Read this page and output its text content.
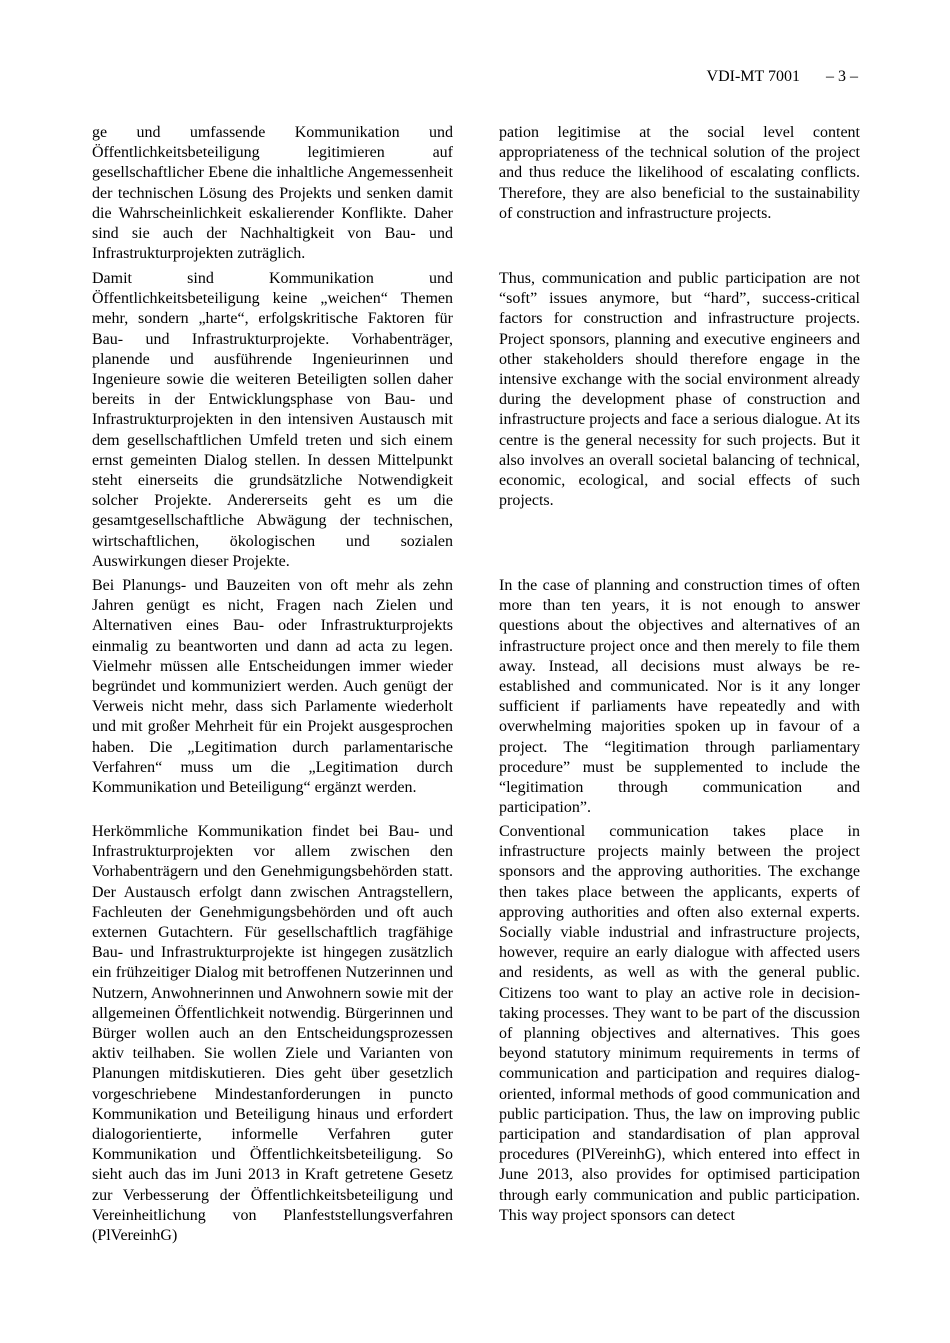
VDI-MT 7001 – 3 –

ge und umfassende Kommunikation und Öffentlichkeitsbeteiligung legitimieren auf gesellschaftlicher Ebene die inhaltliche Angemessenheit der technischen Lösung des Projekts und senken damit die Wahrscheinlichkeit eskalierender Konflikte. Daher sind sie auch der Nachhaltigkeit von Bau- und Infrastrukturprojekten zuträglich.

pation legitimise at the social level content appropriateness of the technical solution of the project and thus reduce the likelihood of escalating conflicts. Therefore, they are also beneficial to the sustainability of construction and infrastructure projects.

Damit sind Kommunikation und Öffentlichkeitsbeteiligung keine „weichen“ Themen mehr, sondern „harte“, erfolgskritische Faktoren für Bau- und Infrastrukturprojekte. Vorhabenträger, planende und ausführende Ingenieurinnen und Ingenieure sowie die weiteren Beteiligten sollen daher bereits in der Entwicklungsphase von Bau- und Infrastrukturprojekten in den intensiven Austausch mit dem gesellschaftlichen Umfeld treten und sich einem ernst gemeinten Dialog stellen. In dessen Mittelpunkt steht einerseits die grundsätzliche Notwendigkeit solcher Projekte. Andererseits geht es um die gesamtgesellschaftliche Abwägung der technischen, wirtschaftlichen, ökologischen und sozialen Auswirkungen dieser Projekte.

Thus, communication and public participation are not “soft” issues anymore, but “hard”, success-critical factors for construction and infrastructure projects. Project sponsors, planning and executive engineers and other stakeholders should therefore engage in the intensive exchange with the social environment already during the development phase of construction and infrastructure projects and face a serious dialogue. At its centre is the general necessity for such projects. But it also involves an overall societal balancing of technical, economic, ecological, and social effects of such projects.

Bei Planungs- und Bauzeiten von oft mehr als zehn Jahren genügt es nicht, Fragen nach Zielen und Alternativen eines Bau- oder Infrastrukturprojekts einmalig zu beantworten und dann ad acta zu legen. Vielmehr müssen alle Entscheidungen immer wieder begründet und kommuniziert werden. Auch genügt der Verweis nicht mehr, dass sich Parlamente wiederholt und mit großer Mehrheit für ein Projekt ausgesprochen haben. Die „Legitimation durch parlamentarische Verfahren“ muss um die „Legitimation durch Kommunikation und Beteiligung“ ergänzt werden.

In the case of planning and construction times of often more than ten years, it is not enough to answer questions about the objectives and alternatives of an infrastructure project once and then merely to file them away. Instead, all decisions must always be re-established and communicated. Nor is it any longer sufficient if parliaments have repeatedly and with overwhelming majorities spoken up in favour of a project. The “legitimation through parliamentary procedure” must be supplemented to include the “legitimation through communication and participation”.

Herkömmliche Kommunikation findet bei Bau- und Infrastrukturprojekten vor allem zwischen den Vorhabenträgern und den Genehmigungsbehörden statt. Der Austausch erfolgt dann zwischen Antragstellern, Fachleuten der Genehmigungsbehörden und oft auch externen Gutachtern. Für gesellschaftlich tragfähige Bau- und Infrastrukturprojekte ist hingegen zusätzlich ein frühzeitiger Dialog mit betroffenen Nutzerinnen und Nutzern, Anwohnerinnen und Anwohnern sowie mit der allgemeinen Öffentlichkeit notwendig. Bürgerinnen und Bürger wollen auch an den Entscheidungsprozessen aktiv teilhaben. Sie wollen Ziele und Varianten von Planungen mitdiskutieren. Dies geht über gesetzlich vorgeschriebene Mindestanforderungen in puncto Kommunikation und Beteiligung hinaus und erfordert dialogorientierte, informelle Verfahren guter Kommunikation und Öffentlichkeitsbeteiligung. So sieht auch das im Juni 2013 in Kraft getretene Gesetz zur Verbesserung der Öffentlichkeitsbeteiligung und Vereinheitlichung von Planfeststellungsverfahren (PlVereinhG)

Conventional communication takes place in infrastructure projects mainly between the project sponsors and the approving authorities. The exchange then takes place between the applicants, experts of approving authorities and often also external experts. Socially viable industrial and infrastructure projects, however, require an early dialogue with affected users and residents, as well as with the general public. Citizens too want to play an active role in decision-taking processes. They want to be part of the discussion of planning objectives and alternatives. This goes beyond statutory minimum requirements in terms of communication and participation and requires dialog-oriented, informal methods of good communication and public participation. Thus, the law on improving public participation and standardisation of plan approval procedures (PlVereinhG), which entered into effect in June 2013, also provides for optimised participation through early communication and public participation. This way project sponsors can detect
